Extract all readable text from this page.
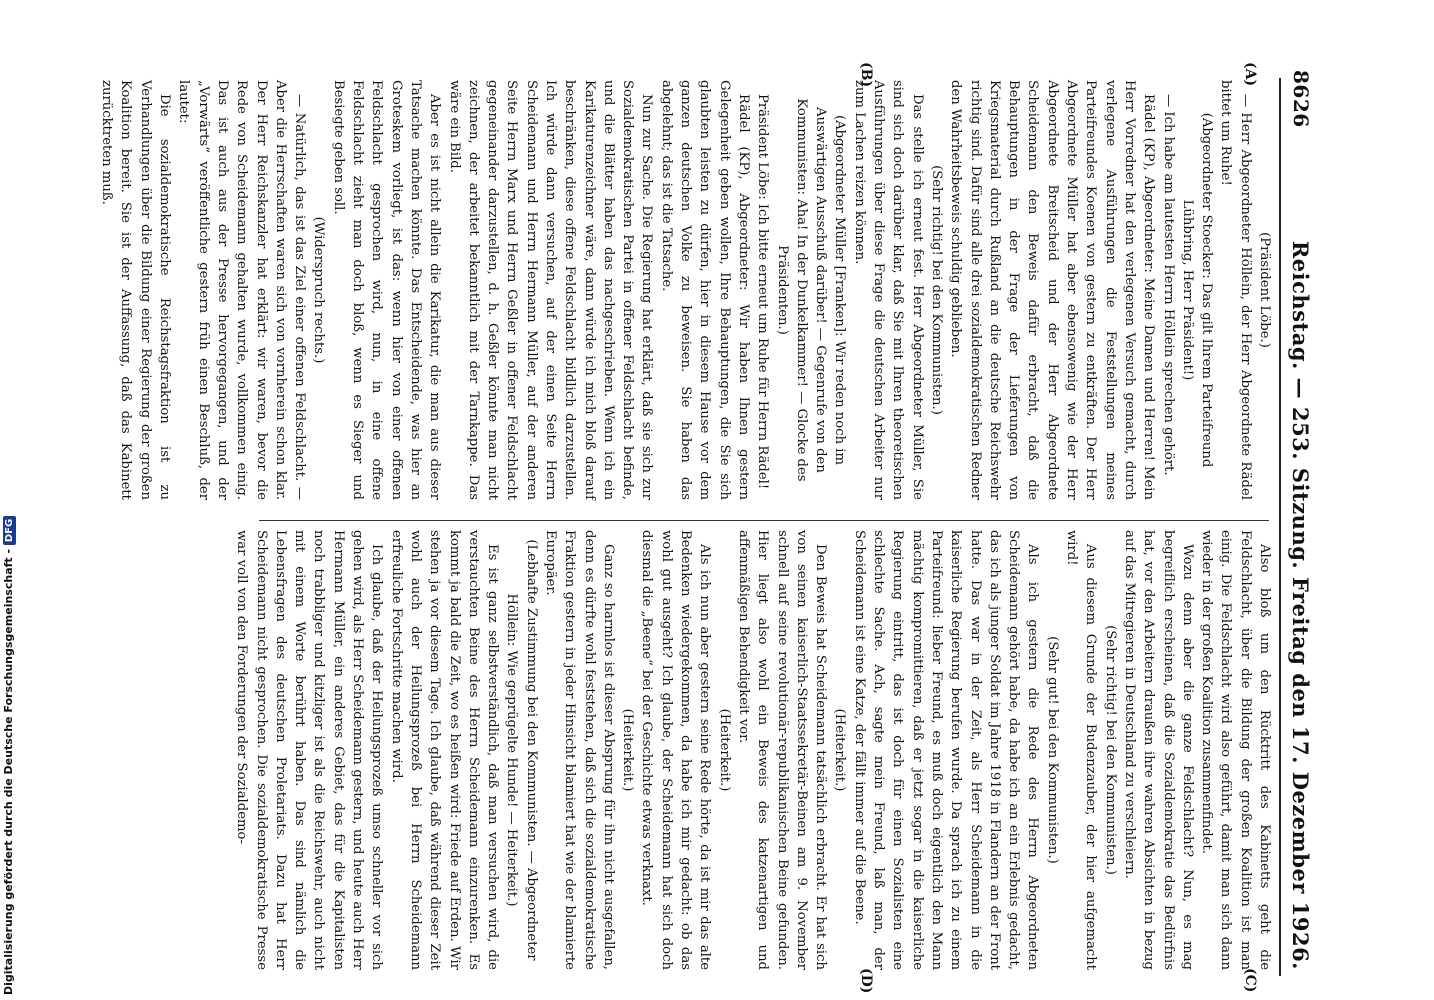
8626
Reichstag. — 253. Sitzung. Freitag den 17. Dezember 1926.
(A)
(B)
(C)
(D)

(Präsident Löbe.)

— Herr Abgeordneter Höllein, der Herr Abgeordnete Rädel bittet um Ruhe!

(Abgeordneter Stoecker: Das gilt Ihrem Parteifreund Lühbring, Herr Präsident!)

— Ich habe am lautesten Herrn Höllein sprechen gehört.

Rädel (KP), Abgeordneter: Meine Damen und Herren! Mein Herr Vorredner hat den verlegenen Versuch gemacht, durch verlegene Ausführungen die Feststellungen meines Parteifreundes Koenen von gestern zu entkräften. Der Herr Abgeordnete Müller hat aber ebensowenig wie der Herr Abgeordnete Breitscheid und der Herr Abgeordnete Scheidemann den Beweis dafür erbracht, daß die Behauptungen in der Frage der Lieferungen von Kriegsmaterial durch Rußland an die deutsche Reichswehr richtig sind. Dafür sind alle drei sozialdemokratischen Redner den Wahrheitsbeweis schuldig geblieben.

(Sehr richtig! bei den Kommunisten.)

Das stelle ich erneut fest. Herr Abgeordneter Müller, Sie sind sich doch darüber klar, daß Sie mit Ihren theoretischen Ausführungen über diese Frage die deutschen Arbeiter nur zum Lachen reizen können.

(Abgeordneter Müller [Franken]: Wir reden noch im Auswärtigen Ausschuß darüber! — Gegenrufe von den Kommunisten: Aha! In der Dunkelkammer! — Glocke des Präsidenten.)

Präsident Löbe: Ich bitte erneut um Ruhe für Herrn Rädel!

Rädel (KP), Abgeordneter: Wir haben Ihnen gestern Gelegenheit geben wollen, Ihre Behauptungen, die Sie sich glaubten leisten zu dürfen, hier in diesem Hause vor dem ganzen deutschen Volke zu beweisen. Sie haben das abgelehnt; das ist die Tatsache.

Nun zur Sache. Die Regierung hat erklärt, daß sie sich zur Sozialdemokratischen Partei in offener Feldschlacht befinde, und die Blätter haben das nachgeschrieben. Wenn ich ein Karikaturenzeichner wäre, dann würde ich mich bloß darauf beschränken, diese offene Feldschlacht bildlich darzustellen. Ich würde dann versuchen, auf der einen Seite Herrn Scheidemann und Herrn Hermann Müller, auf der anderen Seite Herrn Marx und Herrn Geßler in offener Feldschlacht gegeneinander darzustellen, d. h. Geßler könnte man nicht zeichnen, der arbeitet bekanntlich mit der Tarnkappe. Das wäre ein Bild.

Aber es ist nicht allein die Karikatur, die man aus dieser Tatsache machen könnte. Das Entscheidende, was hier an Groteskem vorliegt, ist das: wenn hier von einer offenen Feldschlacht gesprochen wird, nun, in eine offene Feldschlacht zieht man doch bloß, wenn es Sieger und Besiegte geben soll.

(Widerspruch rechts.)

— Natürlich, das ist das Ziel einer offenen Feldschlacht. — Aber die Herrschaften waren sich von vornherein schon klar. Der Herr Reichskanzler hat erklärt: wir waren, bevor die Rede von Scheidemann gehalten wurde, vollkommen einig. Das ist auch aus der Presse hervorgegangen, und der „Vorwärts“ veröffentliche gestern früh einen Beschluß, der lautet:

Die sozialdemokratische Reichstagsfraktion ist zu Verhandlungen über die Bildung einer Regierung der großen Koalition bereit. Sie ist der Auffassung, daß das Kabinett zurücktreten muß.

Also bloß um den Rücktritt des Kabinetts geht die Feldschlacht, über die Bildung der großen Koalition ist man einig. Die Feldschlacht wird also geführt, damit man sich dann wieder in der großen Koalition zusammenfindet.

Wozu denn aber die ganze Feldschlacht? Nun, es mag begreiflich erscheinen, daß die Sozialdemokratie das Bedürfnis hat, vor den Arbeitern draußen ihre wahren Absichten in bezug auf das Mitregieren in Deutschland zu verschleiern.

(Sehr richtig! bei den Kommunisten.)

Aus diesem Grunde der Budenzauber, der hier aufgemacht wird!

(Sehr gut! bei den Kommunisten.)

Als ich gestern die Rede des Herrn Abgeordneten Scheidemann gehört habe, da habe ich an ein Erlebnis gedacht, das ich als junger Soldat im Jahre 1918 in Flandern an der Front hatte. Das war in der Zeit, als Herr Scheidemann in die kaiserliche Regierung berufen wurde. Da sprach ich zu einem Parteifreund: lieber Freund, es muß doch eigentlich den Mann mächtig kompromittieren, daß er jetzt sogar in die kaiserliche Regierung eintritt, das ist doch für einen Sozialisten eine schlechte Sache. Ach, sagte mein Freund, laß man, der Scheidemann ist eine Katze, der fällt immer auf die Beene.

(Heiterkeit.)

Den Beweis hat Scheidemann tatsächlich erbracht. Er hat sich von seinen kaiserlich-Staatssekretär-Beinen am 9. November schnell auf seine revolutionär-republikanischen Beine gefunden. Hier liegt also wohl ein Beweis des katzenartigen und affenmäßigen Behendigkeit vor.

(Heiterkeit.)

Als ich nun aber gestern seine Rede hörte, da ist mir das alte Bedenken wiedergekommen, da habe ich mir gedacht: ob das wohl gut ausgeht? Ich glaube, der Scheidemann hat sich doch diesmal die „Beene“ bei der Geschichte etwas verknaxt.

(Heiterkeit.)

Ganz so harmlos ist dieser Absprung für ihn nicht ausgefallen, denn es dürfte wohl feststehen, daß sich die sozialdemokratische Fraktion gestern in jeder Hinsicht blamiert hat wie der blamierte Europäer.

(Lebhafte Zustimmung bei den Kommunisten. — Abgeordneter Höllein: Wie geprügelte Hunde! — Heiterkeit.)

Es ist ganz selbstverständlich, daß man versuchen wird, die verstauchten Beine des Herrn Scheidemann einzurenken. Es kommt ja bald die Zeit, wo es heißen wird: Friede auf Erden. Wir stehen ja vor diesem Tage. Ich glaube, daß während dieser Zeit wohl auch der Heilungsprozeß bei Herrn Scheidemann erfreuliche Fortschritte machen wird.

Ich glaube, daß der Heilungsprozeß umso schneller vor sich gehen wird, als Herr Scheidemann gestern, und heute auch Herr Hermann Müller, ein anderes Gebiet, das für die Kapitalisten noch trabbliger und kitzliger ist als die Reichswehr, auch nicht mit einem Worte berührt haben. Das sind nämlich die Lebensfragen des deutschen Proletariats. Dazu hat Herr Scheidemann nicht gesprochen. Die sozialdemokratische Presse war voll von den Forderungen der Sozialdemo-

Digitalisierung gefördert durch die Deutsche Forschungsgemeinschaft - DFG
